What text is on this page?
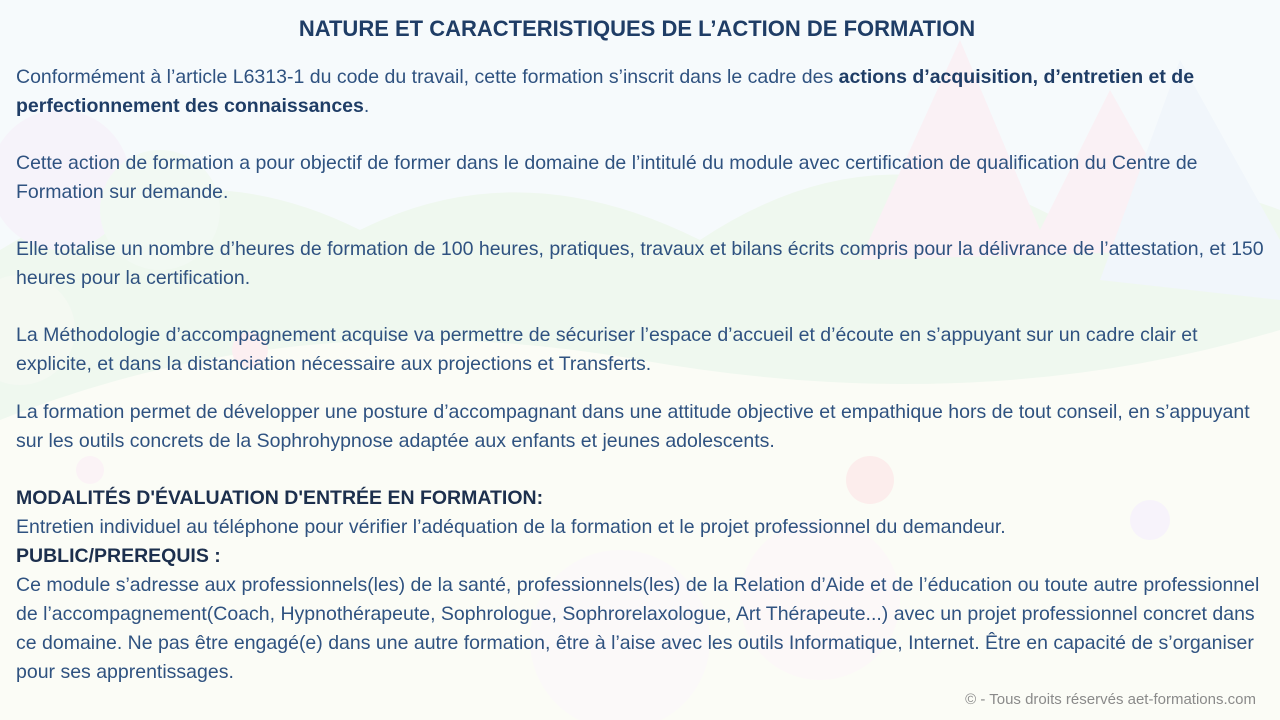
NATURE ET CARACTERISTIQUES DE L’ACTION DE FORMATION

Conformément à l’article L6313-1 du code du travail, cette formation s’inscrit dans le cadre des actions d’acquisition, d’entretien et de perfectionnement des connaissances.

Cette action de formation a pour objectif de former dans le domaine de l’intitulé du module avec certification de qualification du Centre de Formation sur demande.

Elle totalise un nombre d’heures de formation de 100 heures, pratiques, travaux et bilans écrits compris pour la délivrance de l’attestation, et 150 heures pour la certification.

La Méthodologie d’accompagnement acquise va permettre de sécuriser l’espace d’accueil et d’écoute en s’appuyant sur un cadre clair et explicite, et dans la distanciation nécessaire aux projections et Transferts.

La formation permet de développer une posture d’accompagnant dans une attitude objective et empathique hors de tout conseil, en s’appuyant sur les outils concrets de la Sophrohypnose adaptée aux enfants et jeunes adolescents.

MODALITÉS D'ÉVALUATION D'ENTRÉE EN FORMATION:

Entretien individuel au téléphone pour vérifier l’adéquation de la formation et le projet professionnel du demandeur.

PUBLIC/PREREQUIS :

Ce module s’adresse aux professionnels(les) de la santé, professionnels(les) de la Relation d’Aide et de l’éducation ou toute autre professionnel de l’accompagnement(Coach, Hypnothérapeute, Sophrologue, Sophrorelaxologue, Art Thérapeute...) avec un projet professionnel concret dans ce domaine. Ne pas être engagé(e) dans une autre formation, être à l’aise avec les outils Informatique, Internet. Être en capacité de s’organiser pour ses apprentissages.

© - Tous droits réservés aet-formations.com
